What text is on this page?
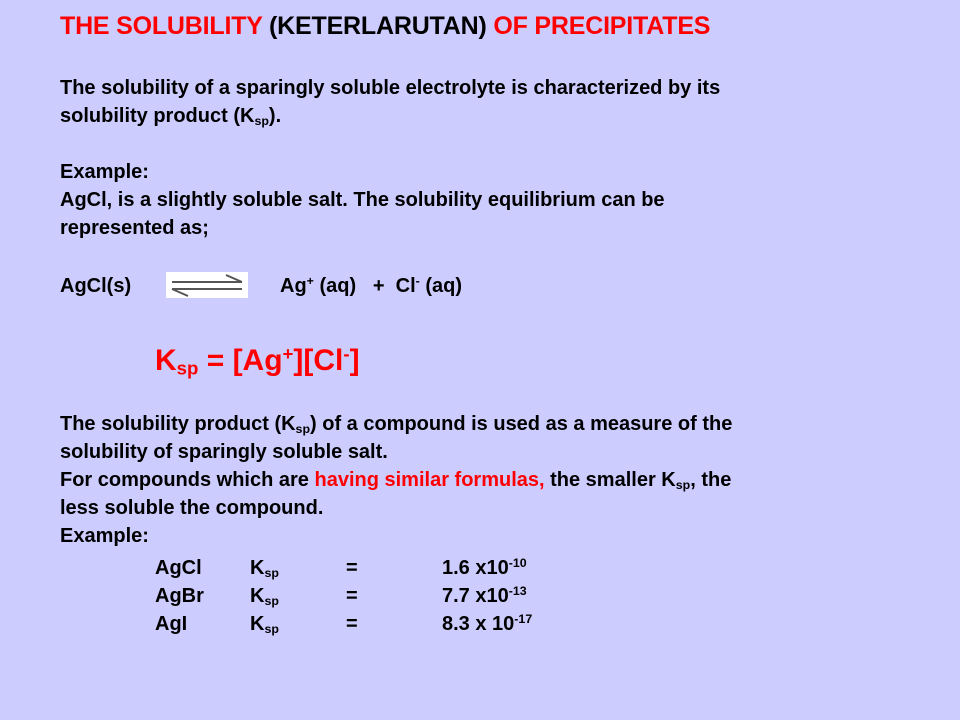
THE SOLUBILITY (KETERLARUTAN) OF PRECIPITATES
The solubility of a sparingly soluble electrolyte is characterized by its
solubility product $(K_{sp})$.
Example:
AgCl, is a slightly soluble salt. The solubility equilibrium can be
represented as;
AgCl(s)	Ag+ (aq) + Cl- (aq)
$K_{sp} = [Ag^+][Cl^-]$
The solubility product $(K_{sp})$ of a compound is used as a measure of the
solubility of sparingly soluble salt.
For compounds which are having similar formulas, the smaller $K_{sp}$, the
less soluble the compound.
Example:
AgCl $K_{sp}$	=	1.6 $x10^{-10}$
AgBr $K_{sp}$	=	7.7 $x10^{-13}$
AgI	$K_{sp}$	=	8.3 x $10^{-17}$
